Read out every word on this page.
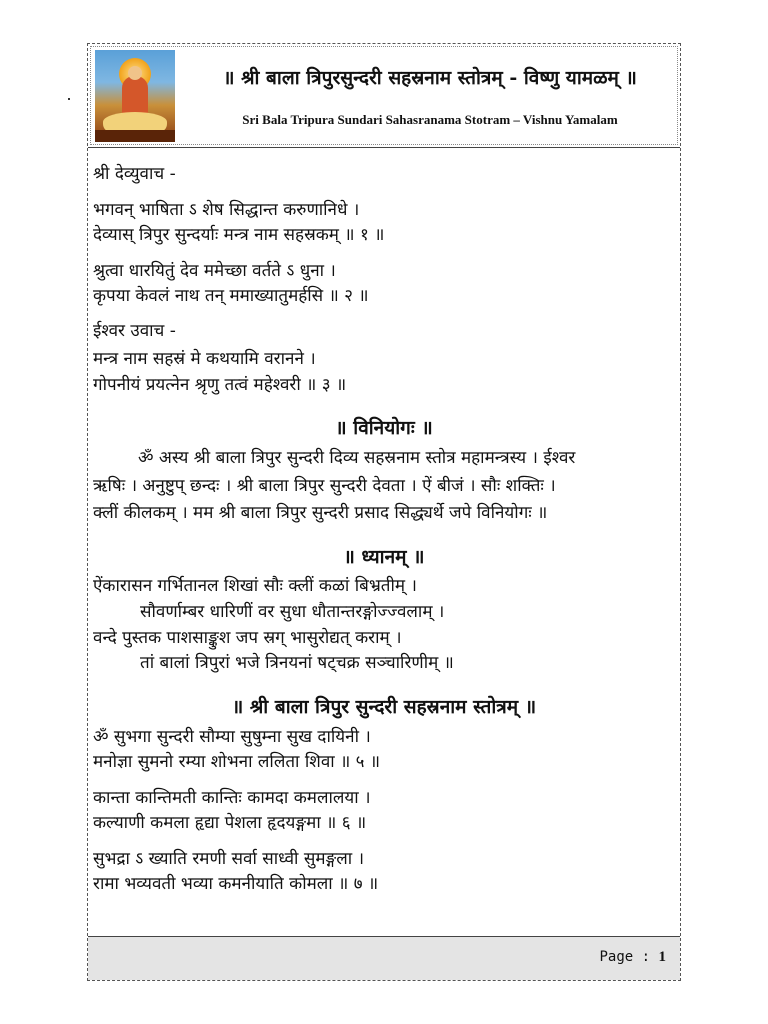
॥ श्री बाला त्रिपुरसुन्दरी सहस्रनाम स्तोत्रम् - विष्णु यामळम् ॥
Sri Bala Tripura Sundari Sahasranama Stotram – Vishnu Yamalam
श्री देव्युवाच -
भगवन् भाषिता ऽ शेष सिद्धान्त करुणानिधे ।
देव्यास् त्रिपुर सुन्दर्याः मन्त्र नाम सहस्रकम् ॥ १ ॥
श्रुत्वा धारयितुं देव ममेच्छा वर्तते ऽ धुना ।
कृपया केवलं नाथ तन् ममाख्यातुमर्हसि ॥ २ ॥
ईश्वर उवाच -
मन्त्र नाम सहस्रं मे कथयामि वरानने ।
गोपनीयं प्रयत्नेन श्रृणु तत्वं महेश्वरी ॥ ३ ॥
॥ विनियोगः ॥
ॐ अस्य श्री बाला त्रिपुर सुन्दरी दिव्य सहस्रनाम स्तोत्र महामन्त्रस्य । ईश्वर
ऋषिः । अनुष्टुप् छन्दः । श्री बाला त्रिपुर सुन्दरी देवता । ऐं बीजं । सौः शक्तिः ।
क्लीं कीलकम् । मम श्री बाला त्रिपुर सुन्दरी प्रसाद सिद्ध्यर्थे जपे विनियोगः ॥
॥ ध्यानम् ॥
ऐंकारासन गर्भितानल शिखां सौः क्लीं कळां बिभ्रतीम् ।
सौवर्णाम्बर धारिणीं वर सुधा धौतान्तरङ्गोज्ज्वलाम् ।
वन्दे पुस्तक पाशसाङ्कुश जप स्रग् भासुरोद्यत् कराम् ।
तां बालां त्रिपुरां भजे त्रिनयनां षट्चक्र सञ्चारिणीम् ॥
॥ श्री बाला त्रिपुर सुन्दरी सहस्रनाम स्तोत्रम् ॥
ॐ सुभगा सुन्दरी सौम्या सुषुम्ना सुख दायिनी ।
मनोज्ञा सुमनो रम्या शोभना ललिता शिवा ॥ ५ ॥
कान्ता कान्तिमती कान्तिः कामदा कमलालया ।
कल्याणी कमला हृद्या पेशला हृदयङ्गमा ॥ ६ ॥
सुभद्रा ऽ ख्याति रमणी सर्वा साध्वी सुमङ्गला ।
रामा भव्यवती भव्या कमनीयाति कोमला ॥ ७ ॥
Page : 1
